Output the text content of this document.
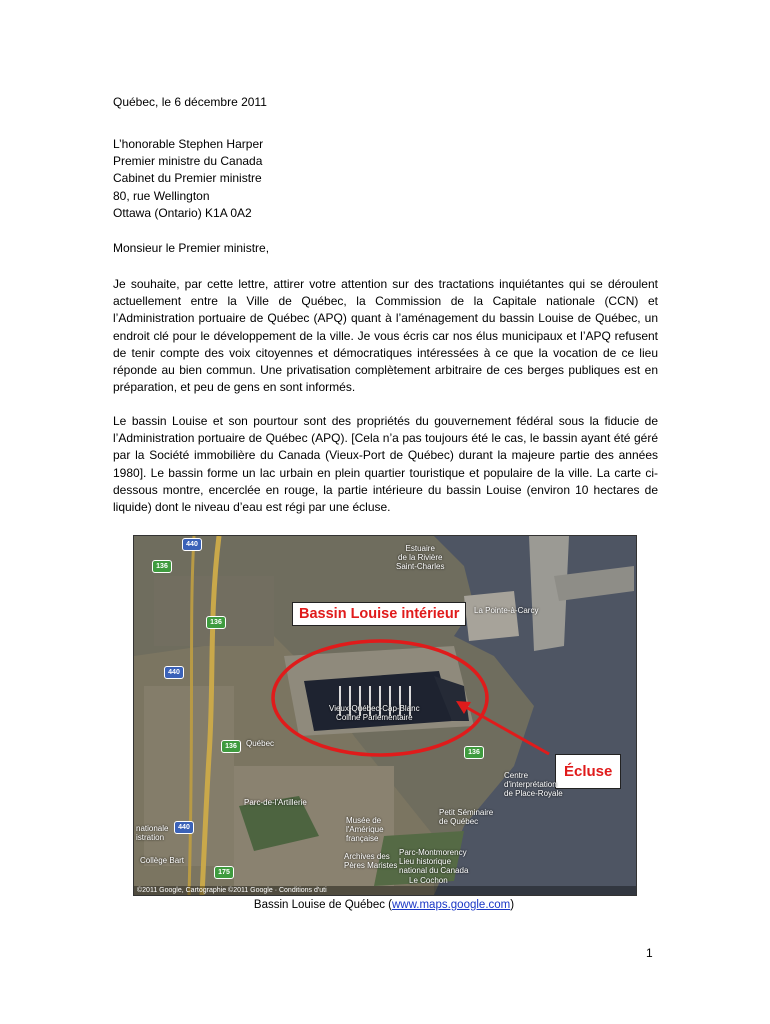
Québec, le 6 décembre 2011
L’honorable Stephen Harper
Premier ministre du Canada
Cabinet du Premier ministre
80, rue Wellington
Ottawa (Ontario) K1A 0A2
Monsieur le Premier ministre,
Je souhaite, par cette lettre, attirer votre attention sur des tractations inquiétantes qui se déroulent actuellement entre la Ville de Québec, la Commission de la Capitale nationale (CCN) et l’Administration portuaire de Québec (APQ) quant à l’aménagement du bassin Louise de Québec, un endroit clé pour le développement de la ville. Je vous écris car nos élus municipaux et l’APQ refusent de tenir compte des voix citoyennes et démocratiques intéressées à ce que la vocation de ce lieu réponde au bien commun. Une privatisation complètement arbitraire de ces berges publiques est en préparation, et peu de gens en sont informés.
Le bassin Louise et son pourtour sont des propriétés du gouvernement fédéral sous la fiducie de l’Administration portuaire de Québec (APQ). [Cela n’a pas toujours été le cas, le bassin ayant été géré par la Société immobilière du Canada (Vieux-Port de Québec) durant la majeure partie des années 1980]. Le bassin forme un lac urbain en plein quartier touristique et populaire de la ville. La carte ci-dessous montre, encerclée en rouge, la partie intérieure du bassin Louise (environ 10 hectares de liquide) dont le niveau d’eau est régi par une écluse.
Bassin Louise intérieur
Écluse
Estuaire
de la Rivière
Saint-Charles
La Pointe-à-Carcy
Vieux-Québec-Cap-Blanc
Colline Parlementaire
Parc-de-l'Artillerie
Centre
d'interprétation
de Place-Royale
Musée de
l'Amérique
française
Petit Séminaire
de Québec
Archives des
Pères Maristes
Parc-Montmorency
Lieu historique
national du Canada
nationale
istration
Collège Bart
Le Cochon
Québec
440
136
136
440
136
136
440
175
©2011 Google, Cartographie ©2011 Google · Conditions d'uti
Bassin Louise de Québec (www.maps.google.com)
1
